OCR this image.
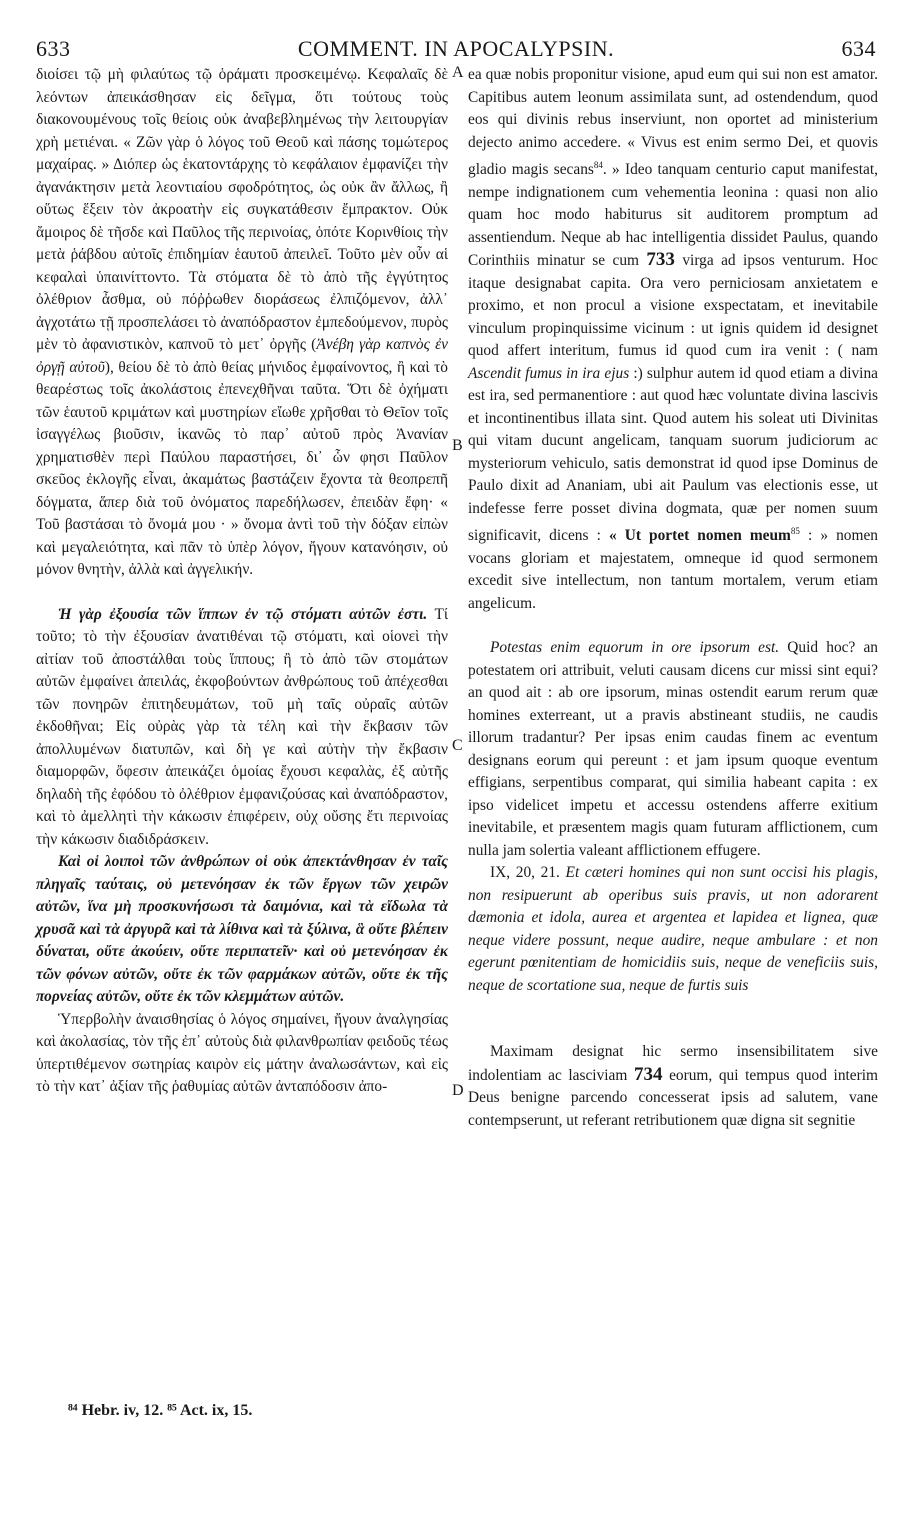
633	COMMENT. IN APOCALYPSIN.	634
A
B
C
D

διοίσει τῷ μὴ φιλαύτως τῷ ὁράματι προσκειμένῳ. Κεφαλαῖς δὲ λεόντων ἀπεικάσθησαν εἰς δεῖγμα, ὅτι τούτους τοὺς διακονουμένους τοῖς θείοις οὐκ ἀναβεβλημένως τὴν λειτουργίαν χρὴ μετιέναι. « Ζῶν γὰρ ὁ λόγος τοῦ Θεοῦ καὶ πάσης τομώτερος μαχαίρας. » Διόπερ ὡς ἑκατοντάρχης τὸ κεφάλαιον ἐμφανίζει τὴν ἀγανάκτησιν μετὰ λεοντιαίου σφοδρότητος, ὡς οὐκ ἂν ἄλλως, ἢ οὕτως ἕξειν τὸν ἀκροατὴν εἰς συγκατάθεσιν ἔμπρακτον. Οὐκ ἄμοιρος δὲ τῆσδε καὶ Παῦλος τῆς περινοίας, ὁπότε Κορινθίοις τὴν μετὰ ῥάβδου αὐτοῖς ἐπιδημίαν ἑαυτοῦ ἀπειλεῖ. Τοῦτο μὲν οὖν αἱ κεφαλαὶ ὑπαινίττοντο. Τὰ στόματα δὲ τὸ ἀπὸ τῆς ἐγγύτητος ὀλέθριον ἆσθμα, οὐ πόῤῥωθεν διοράσεως ἐλπιζόμενον, ἀλλ᾽ ἀγχοτάτω τῇ προσπελάσει τὸ ἀναπόδραστον ἐμπεδούμενον, πυρὸς μὲν τὸ ἀφανιστικὸν, καπνοῦ τὸ μετ᾽ ὀργῆς (Ἀνέβη γὰρ καπνὸς ἐν ὀργῇ αὐτοῦ), θείου δὲ τὸ ἀπὸ θείας μήνιδος ἐμφαίνοντος, ἢ καὶ τὸ θεαρέστως τοῖς ἀκολάστοις ἐπενεχθῆναι ταῦτα. Ὅτι δὲ ὀχήματι τῶν ἑαυτοῦ κριμάτων καὶ μυστηρίων εἴωθε χρῆσθαι τὸ Θεῖον τοῖς ἰσαγγέλως βιοῦσιν, ἱκανῶς τὸ παρ᾽ αὐτοῦ πρὸς Ἀνανίαν χρηματισθὲν περὶ Παύλου παραστήσει, δι᾽ ὧν φησι Παῦλον σκεῦος ἐκλογῆς εἶναι, ἀκαμάτως βαστάζειν ἔχοντα τὰ θεοπρεπῆ δόγματα, ἅπερ διὰ τοῦ ὀνόματος παρεδήλωσεν, ἐπειδὰν ἔφη· « Τοῦ βαστάσαι τὸ ὄνομά μου · » ὄνομα ἀντὶ τοῦ τὴν δόξαν εἰπὼν καὶ μεγαλειότητα, καὶ πᾶν τὸ ὑπὲρ λόγον, ἤγουν κατανόησιν, οὐ μόνον θνητὴν, ἀλλὰ καὶ ἀγγελικήν.

Ἡ γὰρ ἐξουσία τῶν ἵππων ἐν τῷ στόματι αὐτῶν ἐστι. Τί τοῦτο; τὸ τὴν ἐξουσίαν ἀνατιθέναι τῷ στόματι, καὶ οἱονεὶ τὴν αἰτίαν τοῦ ἀποστάλθαι τοὺς ἵππους; ἢ τὸ ἀπὸ τῶν στομάτων αὐτῶν ἐμφαίνει ἀπειλάς, ἐκφοβούντων ἀνθρώπους τοῦ ἀπέχεσθαι τῶν πονηρῶν ἐπιτηδευμάτων, τοῦ μὴ ταῖς οὐραῖς αὐτῶν ἐκδοθῆναι; Εἰς οὐρὰς γὰρ τὰ τέλη καὶ τὴν ἔκβασιν τῶν ἀπολλυμένων διατυπῶν, καὶ δὴ γε καὶ αὐτὴν τὴν ἔκβασιν διαμορφῶν, ὄφεσιν ἀπεικάζει ὁμοίας ἔχουσι κεφαλὰς, ἐξ αὐτῆς δηλαδὴ τῆς ἐφόδου τὸ ὀλέθριον ἐμφανιζούσας καὶ ἀναπόδραστον, καὶ τὸ ἀμελλητὶ τὴν κάκωσιν ἐπιφέρειν, οὐχ οὔσης ἔτι περινοίας τὴν κάκωσιν διαδιδράσκειν.

Καὶ οἱ λοιποὶ τῶν ἀνθρώπων οἱ οὐκ ἀπεκτάνθησαν ἐν ταῖς πληγαῖς ταύταις, οὐ μετενόησαν ἐκ τῶν ἔργων τῶν χειρῶν αὐτῶν, ἵνα μὴ προσκυνήσωσι τὰ δαιμόνια, καὶ τὰ εἴδωλα τὰ χρυσᾶ καὶ τὰ ἀργυρᾶ καὶ τὰ λίθινα καὶ τὰ ξύλινα, ἃ οὔτε βλέπειν δύναται, οὔτε ἀκούειν, οὔτε περιπατεῖν· καὶ οὐ μετενόησαν ἐκ τῶν φόνων αὐτῶν, οὔτε ἐκ τῶν φαρμάκων αὐτῶν, οὔτε ἐκ τῆς πορνείας αὐτῶν, οὔτε ἐκ τῶν κλεμμάτων αὐτῶν.

Ὑπερβολὴν ἀναισθησίας ὁ λόγος σημαίνει, ἤγουν ἀναλγησίας καὶ ἀκολασίας, τὸν τῆς ἐπ᾽ αὐτοὺς διὰ φιλανθρωπίαν φειδοῦς τέως ὑπερτιθέμενον σωτηρίας καιρὸν εἰς μάτην ἀναλωσάντων, καὶ εἰς τὸ τὴν κατ᾽ ἀξίαν τῆς ῥαθυμίας αὐτῶν ἀνταπόδοσιν ἀπο-

ea quæ nobis proponitur visione, apud eum qui sui non est amator. Capitibus autem leonum assimilata sunt, ad ostendendum, quod eos qui divinis rebus inserviunt, non oportet ad ministerium dejecto animo accedere. « Vivus est enim sermo Dei, et quovis gladio magis secans$^{84}$. » Ideo tanquam centurio caput manifestat, nempe indignationem cum vehementia leonina : quasi non alio quam hoc modo habiturus sit auditorem promptum ad assentiendum. Neque ab hac intelligentia dissidet Paulus, quando Corinthiis minatur se cum 733 virga ad ipsos venturum. Hoc itaque designabat capita. Ora vero perniciosam anxietatem e proximo, et non procul a visione exspectatam, et inevitabile vinculum propinquissime vicinum : ut ignis quidem id designet quod affert interitum, fumus id quod cum ira venit : ( nam Ascendit fumus in ira ejus :) sulphur autem id quod etiam a divina est ira, sed permanentiore : aut quod hæc voluntate divina lascivis et incontinentibus illata sint. Quod autem his soleat uti Divinitas qui vitam ducunt angelicam, tanquam suorum judiciorum ac mysteriorum vehiculo, satis demonstrat id quod ipse Dominus de Paulo dixit ad Ananiam, ubi ait Paulum vas electionis esse, ut indefesse ferre posset divina dogmata, quæ per nomen suum significavit, dicens : « Ut portet nomen meum$^{85}$ : » nomen vocans gloriam et majestatem, omneque id quod sermonem excedit sive intellectum, non tantum mortalem, verum etiam angelicum.

Potestas enim equorum in ore ipsorum est. Quid hoc? an potestatem ori attribuit, veluti causam dicens cur missi sint equi? an quod ait : ab ore ipsorum, minas ostendit earum rerum quæ homines exterreant, ut a pravis abstineant studiis, ne caudis illorum tradantur? Per ipsas enim caudas finem ac eventum designans eorum qui pereunt : et jam ipsum quoque eventum effigians, serpentibus comparat, qui similia habeant capita : ex ipso videlicet impetu et accessu ostendens afferre exitium inevitabile, et præsentem magis quam futuram afflictionem, cum nulla jam solertia valeant afflictionem effugere.

IX, 20, 21. Et cæteri homines qui non sunt occisi his plagis, non resipuerunt ab operibus suis pravis, ut non adorarent dæmonia et idola, aurea et argentea et lapidea et lignea, quæ neque videre possunt, neque audire, neque ambulare : et non egerunt pœnitentiam de homicidiis suis, neque de veneficiis suis, neque de scortatione sua, neque de furtis suis

Maximam designat hic sermo insensibilitatem sive indolentiam ac lasciviam 734 eorum, qui tempus quod interim Deus benigne parcendo concesserat ipsis ad salutem, vane contempserunt, ut referant retributionem quæ digna sit segnitie

⁸⁴ Hebr. iv, 12. ⁸⁵ Act. ix, 15.
